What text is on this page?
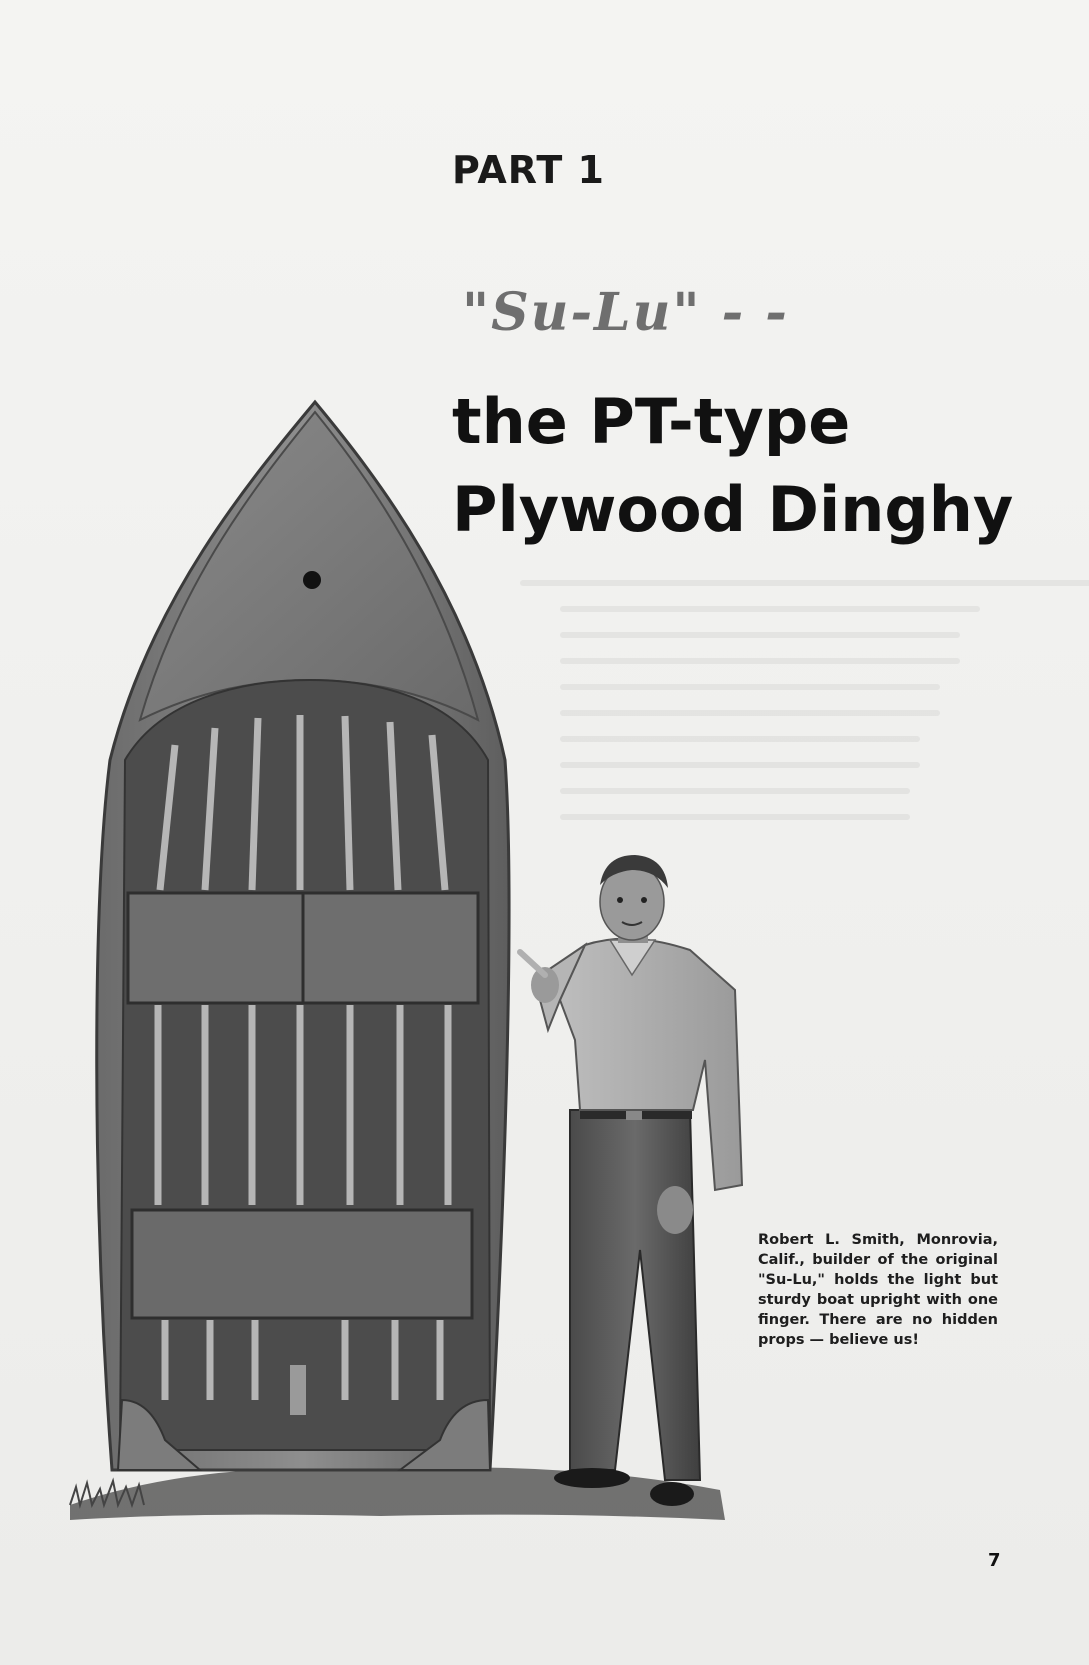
PART 1
"Su-Lu" - -
the PT-type
Plywood Dinghy
Robert L. Smith, Monrovia, Calif., builder of the original "Su-Lu," holds the light but sturdy boat upright with one finger. There are no hidden props — believe us!
7
